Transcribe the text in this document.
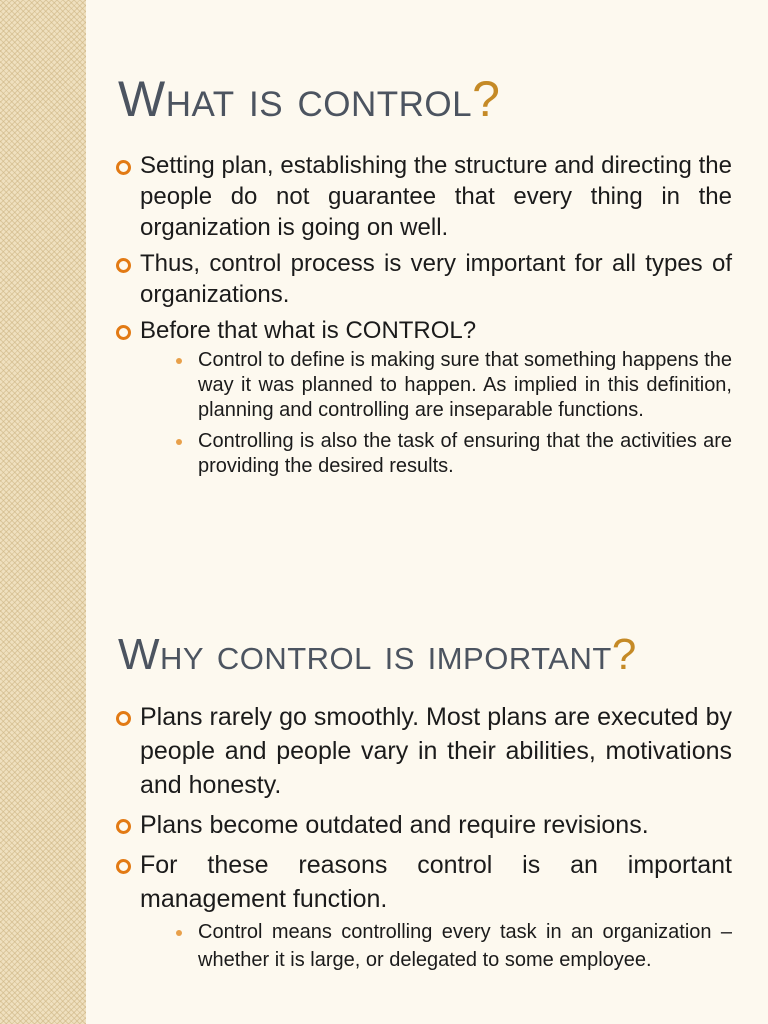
What is control?
Setting plan, establishing the structure and directing the people do not guarantee that every thing in the organization is going on well.
Thus, control process is very important for all types of organizations.
Before that what is CONTROL?
Control to define is making sure that something happens the way it was planned to happen. As implied in this definition, planning and controlling are inseparable functions.
Controlling is also the task of ensuring that the activities are providing the desired results.
Why control is important?
Plans rarely go smoothly. Most plans are executed by people and people vary in their abilities, motivations and honesty.
Plans become outdated and require revisions.
For these reasons control is an important management function.
Control means controlling every task in an organization – whether it is large, or delegated to some employee.
